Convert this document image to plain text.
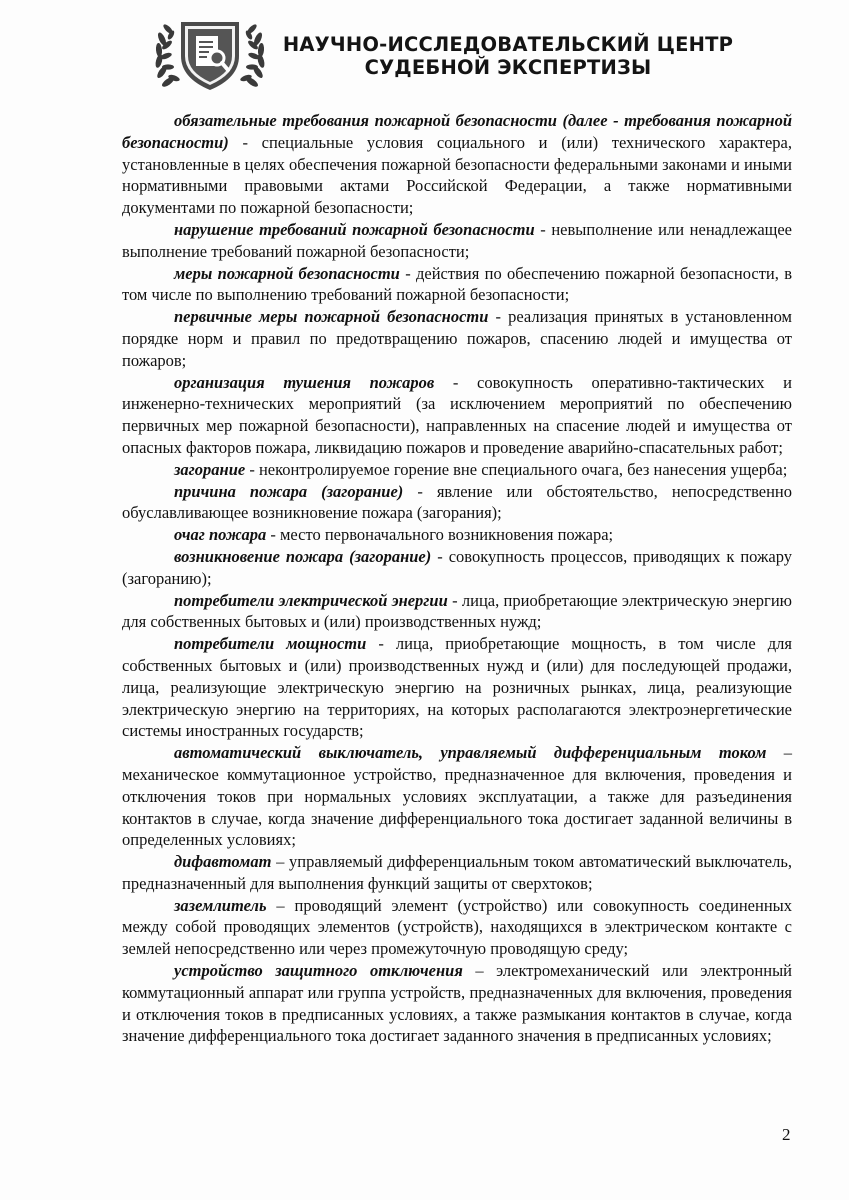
НАУЧНО-ИССЛЕДОВАТЕЛЬСКИЙ ЦЕНТР
СУДЕБНОЙ ЭКСПЕРТИЗЫ

обязательные требования пожарной безопасности (далее - требования пожарной безопасности) - специальные условия социального и (или) технического характера, установленные в целях обеспечения пожарной безопасности федеральными законами и иными нормативными правовыми актами Российской Федерации, а также нормативными документами по пожарной безопасности;

нарушение требований пожарной безопасности - невыполнение или ненадлежащее выполнение требований пожарной безопасности;

меры пожарной безопасности - действия по обеспечению пожарной безопасности, в том числе по выполнению требований пожарной безопасности;

первичные меры пожарной безопасности - реализация принятых в установленном порядке норм и правил по предотвращению пожаров, спасению людей и имущества от пожаров;

организация тушения пожаров - совокупность оперативно-тактических и инженерно-технических мероприятий (за исключением мероприятий по обеспечению первичных мер пожарной безопасности), направленных на спасение людей и имущества от опасных факторов пожара, ликвидацию пожаров и проведение аварийно-спасательных работ;

загорание - неконтролируемое горение вне специального очага, без нанесения ущерба;

причина пожара (загорание) - явление или обстоятельство, непосредственно обуславливающее возникновение пожара (загорания);

очаг пожара - место первоначального возникновения пожара;

возникновение пожара (загорание) - совокупность процессов, приводящих к пожару (загоранию);

потребители электрической энергии - лица, приобретающие электрическую энергию для собственных бытовых и (или) производственных нужд;

потребители мощности - лица, приобретающие мощность, в том числе для собственных бытовых и (или) производственных нужд и (или) для последующей продажи, лица, реализующие электрическую энергию на розничных рынках, лица, реализующие электрическую энергию на территориях, на которых располагаются электроэнергетические системы иностранных государств;

автоматический выключатель, управляемый дифференциальным током – механическое коммутационное устройство, предназначенное для включения, проведения и отключения токов при нормальных условиях эксплуатации, а также для разъединения контактов в случае, когда значение дифференциального тока достигает заданной величины в определенных условиях;

дифавтомат – управляемый дифференциальным током автоматический выключатель, предназначенный для выполнения функций защиты от сверхтоков;

заземлитель – проводящий элемент (устройство) или совокупность соединенных между собой проводящих элементов (устройств), находящихся в электрическом контакте с землей непосредственно или через промежуточную проводящую среду;

устройство защитного отключения – электромеханический или электронный коммутационный аппарат или группа устройств, предназначенных для включения, проведения и отключения токов в предписанных условиях, а также размыкания контактов в случае, когда значение дифференциального тока достигает заданного значения в предписанных условиях;

2
